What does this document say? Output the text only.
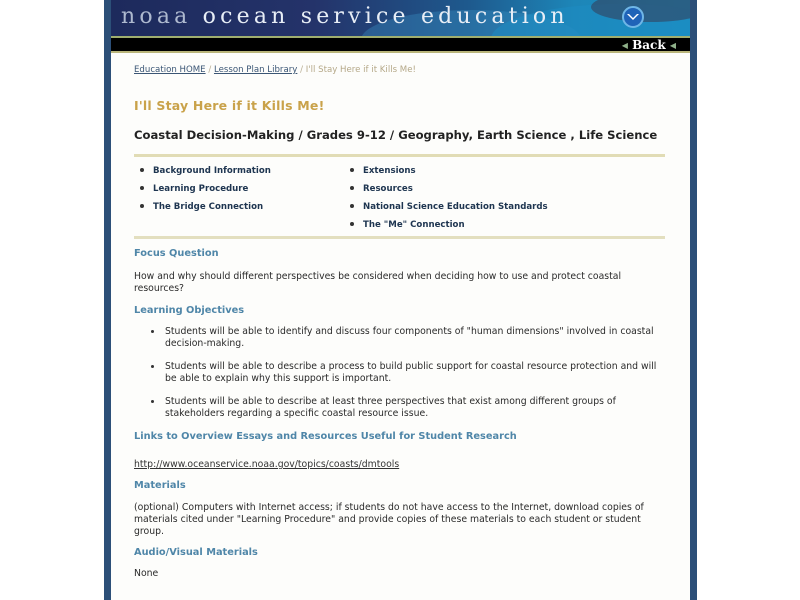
noaa ocean service education
◀ Back ◀
Education HOME / Lesson Plan Library / I'll Stay Here if it Kills Me!
I'll Stay Here if it Kills Me!
Coastal Decision-Making / Grades 9-12 / Geography, Earth Science , Life Science
Background Information
Learning Procedure
The Bridge Connection
Extensions
Resources
National Science Education Standards
The "Me" Connection
Focus Question

How and why should different perspectives be considered when deciding how to use and protect coastal resources?

Learning Objectives
Students will be able to identify and discuss four components of "human dimensions" involved in coastal decision-making.
Students will be able to describe a process to build public support for coastal resource protection and will be able to explain why this support is important.
Students will be able to describe at least three perspectives that exist among different groups of stakeholders regarding a specific coastal resource issue.
Links to Overview Essays and Resources Useful for Student Research
http://www.oceanservice.noaa.gov/topics/coasts/dmtools
Materials

(optional) Computers with Internet access; if students do not have access to the Internet, download copies of materials cited under "Learning Procedure" and provide copies of these materials to each student or student group.

Audio/Visual Materials

None
